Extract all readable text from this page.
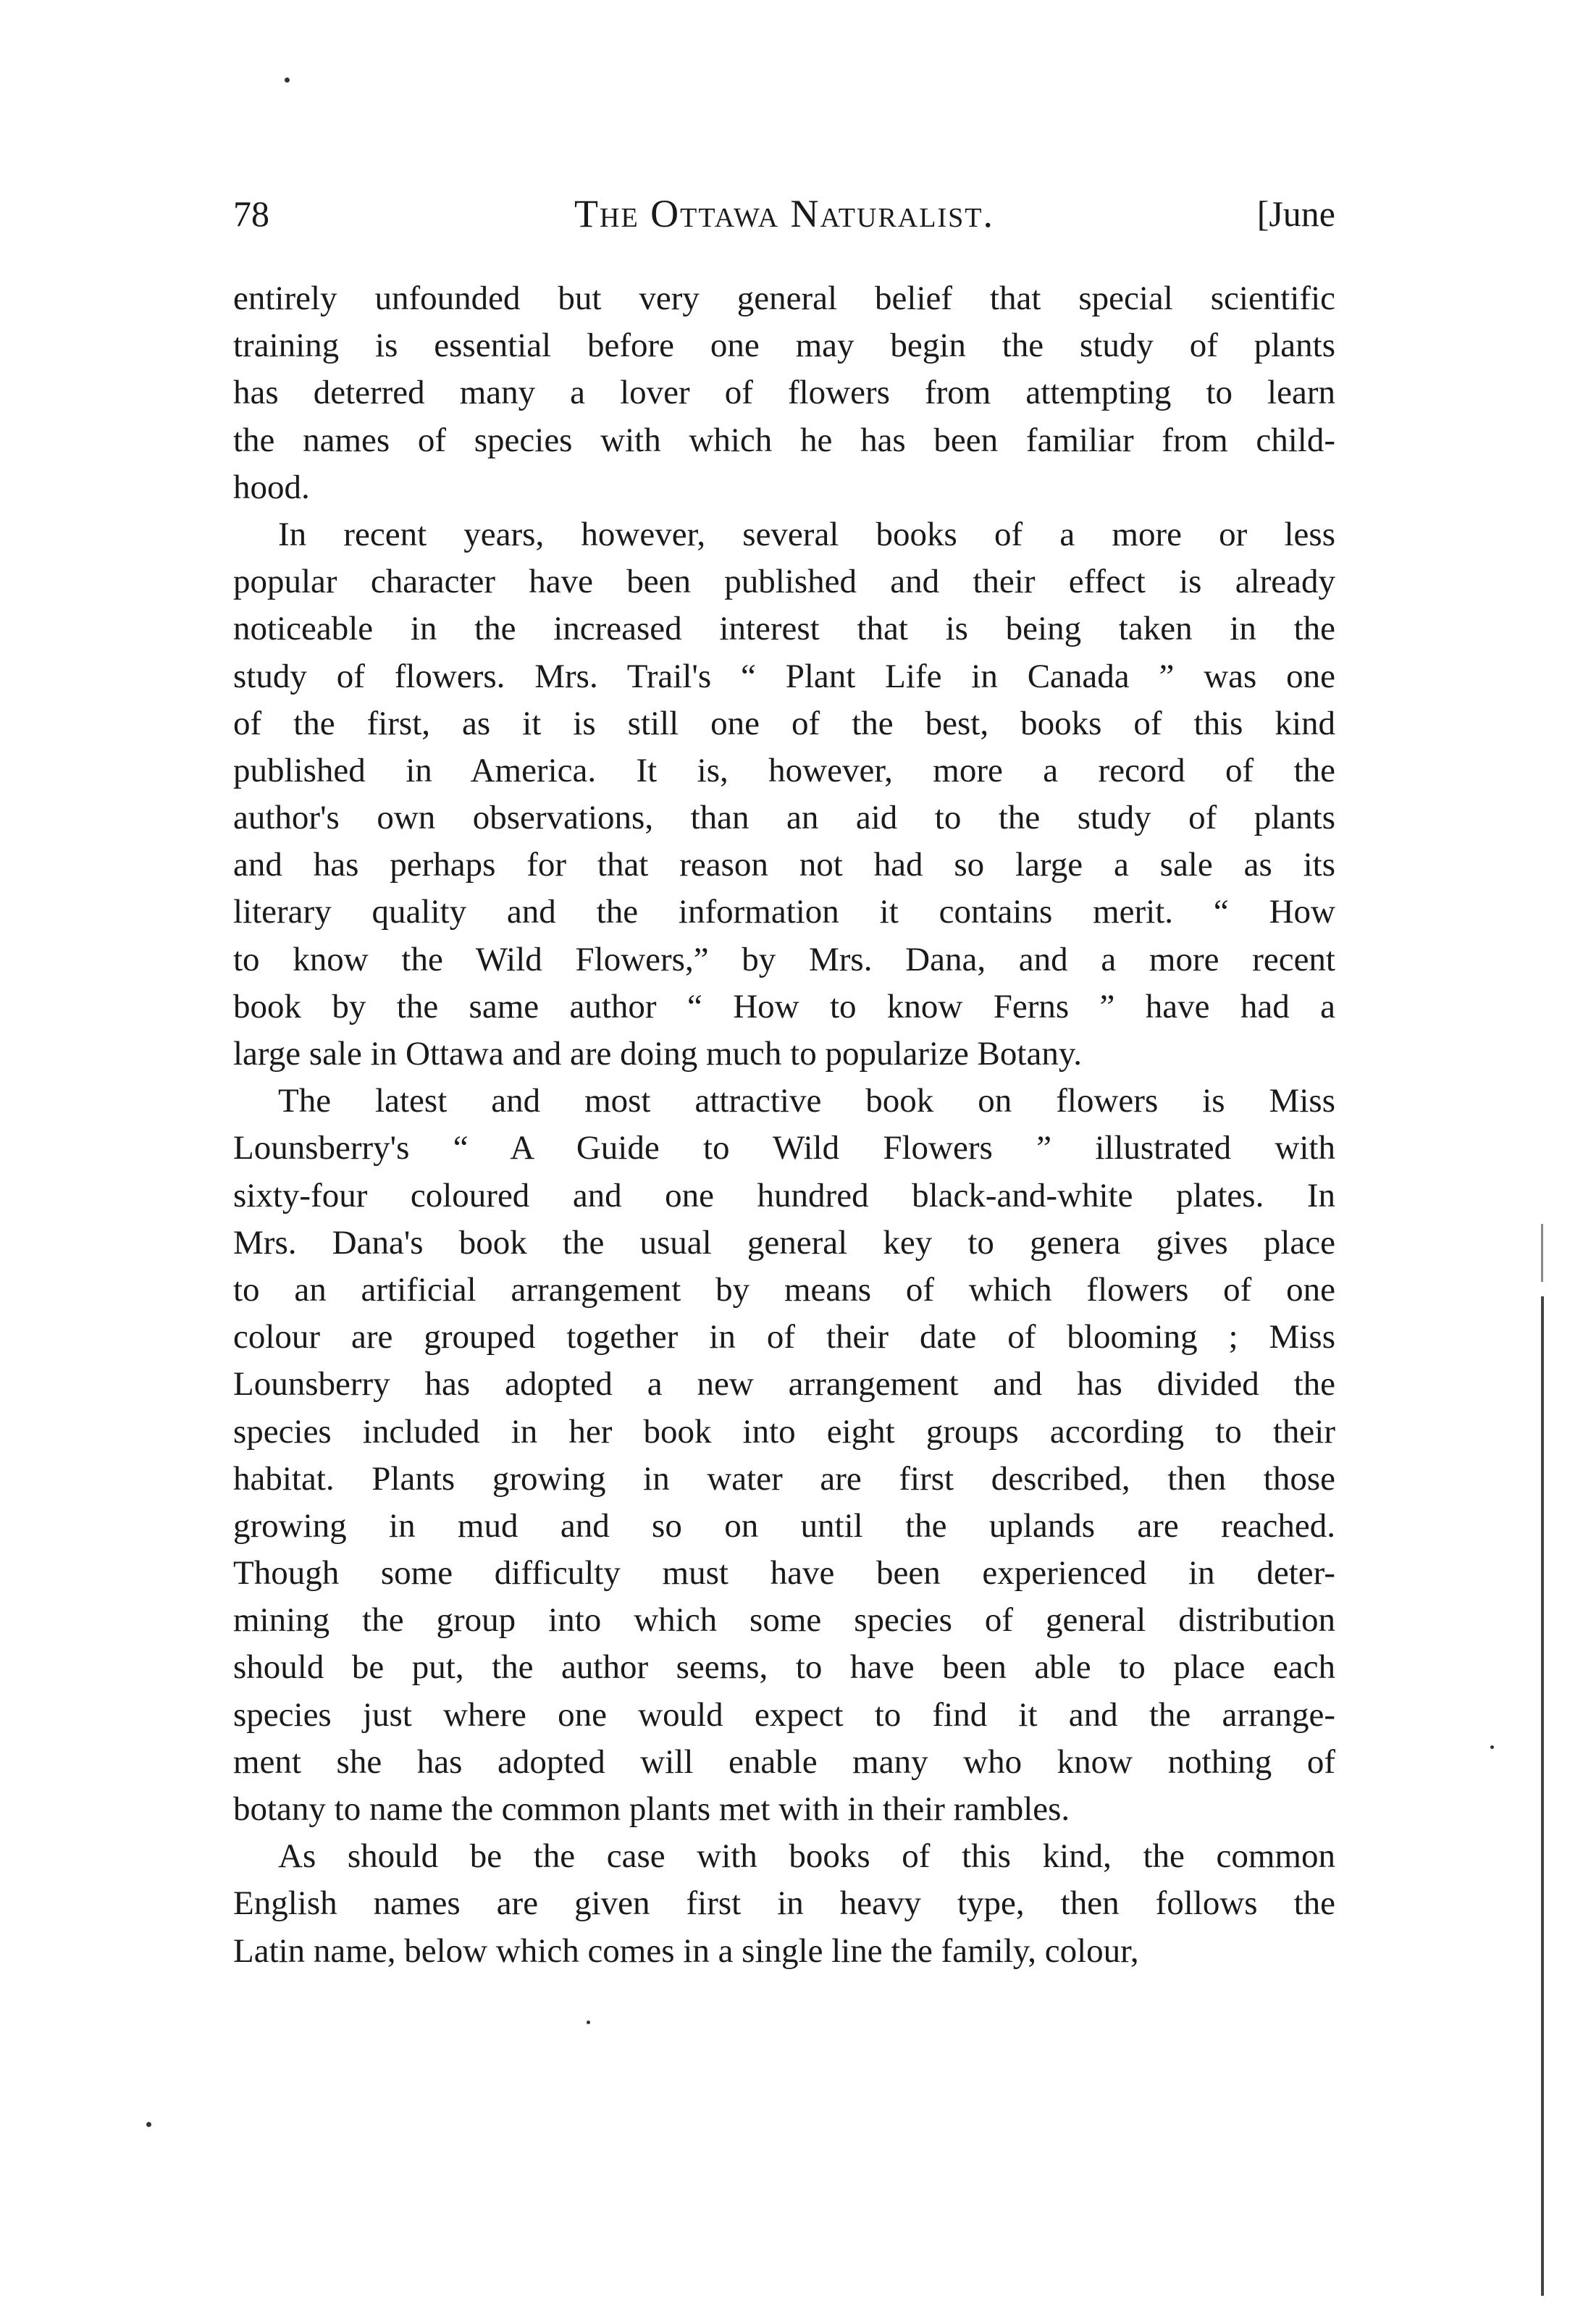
78	The Ottawa Naturalist.	[June
entirely unfounded but very general belief that special scientific
training is essential before one may begin the study of plants
has deterred many a lover of flowers from attempting to learn
the names of species with which he has been familiar from child-
hood.
In recent years, however, several books of a more or less
popular character have been published and their effect is already
noticeable in the increased interest that is being taken in the
study of flowers. Mrs. Trail's “ Plant Life in Canada ” was one
of the first, as it is still one of the best, books of this kind
published in America. It is, however, more a record of the
author's own observations, than an aid to the study of plants
and has perhaps for that reason not had so large a sale as its
literary quality and the information it contains merit. “ How
to know the Wild Flowers,” by Mrs. Dana, and a more recent
book by the same author “ How to know Ferns ” have had a
large sale in Ottawa and are doing much to popularize Botany.
The latest and most attractive book on flowers is Miss
Lounsberry's “ A Guide to Wild Flowers ” illustrated with
sixty-four coloured and one hundred black-and-white plates. In
Mrs. Dana's book the usual general key to genera gives place
to an artificial arrangement by means of which flowers of one
colour are grouped together in of their date of blooming ; Miss
Lounsberry has adopted a new arrangement and has divided the
species included in her book into eight groups according to their
habitat. Plants growing in water are first described, then those
growing in mud and so on until the uplands are reached.
Though some difficulty must have been experienced in deter-
mining the group into which some species of general distribution
should be put, the author seems, to have been able to place each
species just where one would expect to find it and the arrange-
ment she has adopted will enable many who know nothing of
botany to name the common plants met with in their rambles.
As should be the case with books of this kind, the common
English names are given first in heavy type, then follows the
Latin name, below which comes in a single line the family, colour,
